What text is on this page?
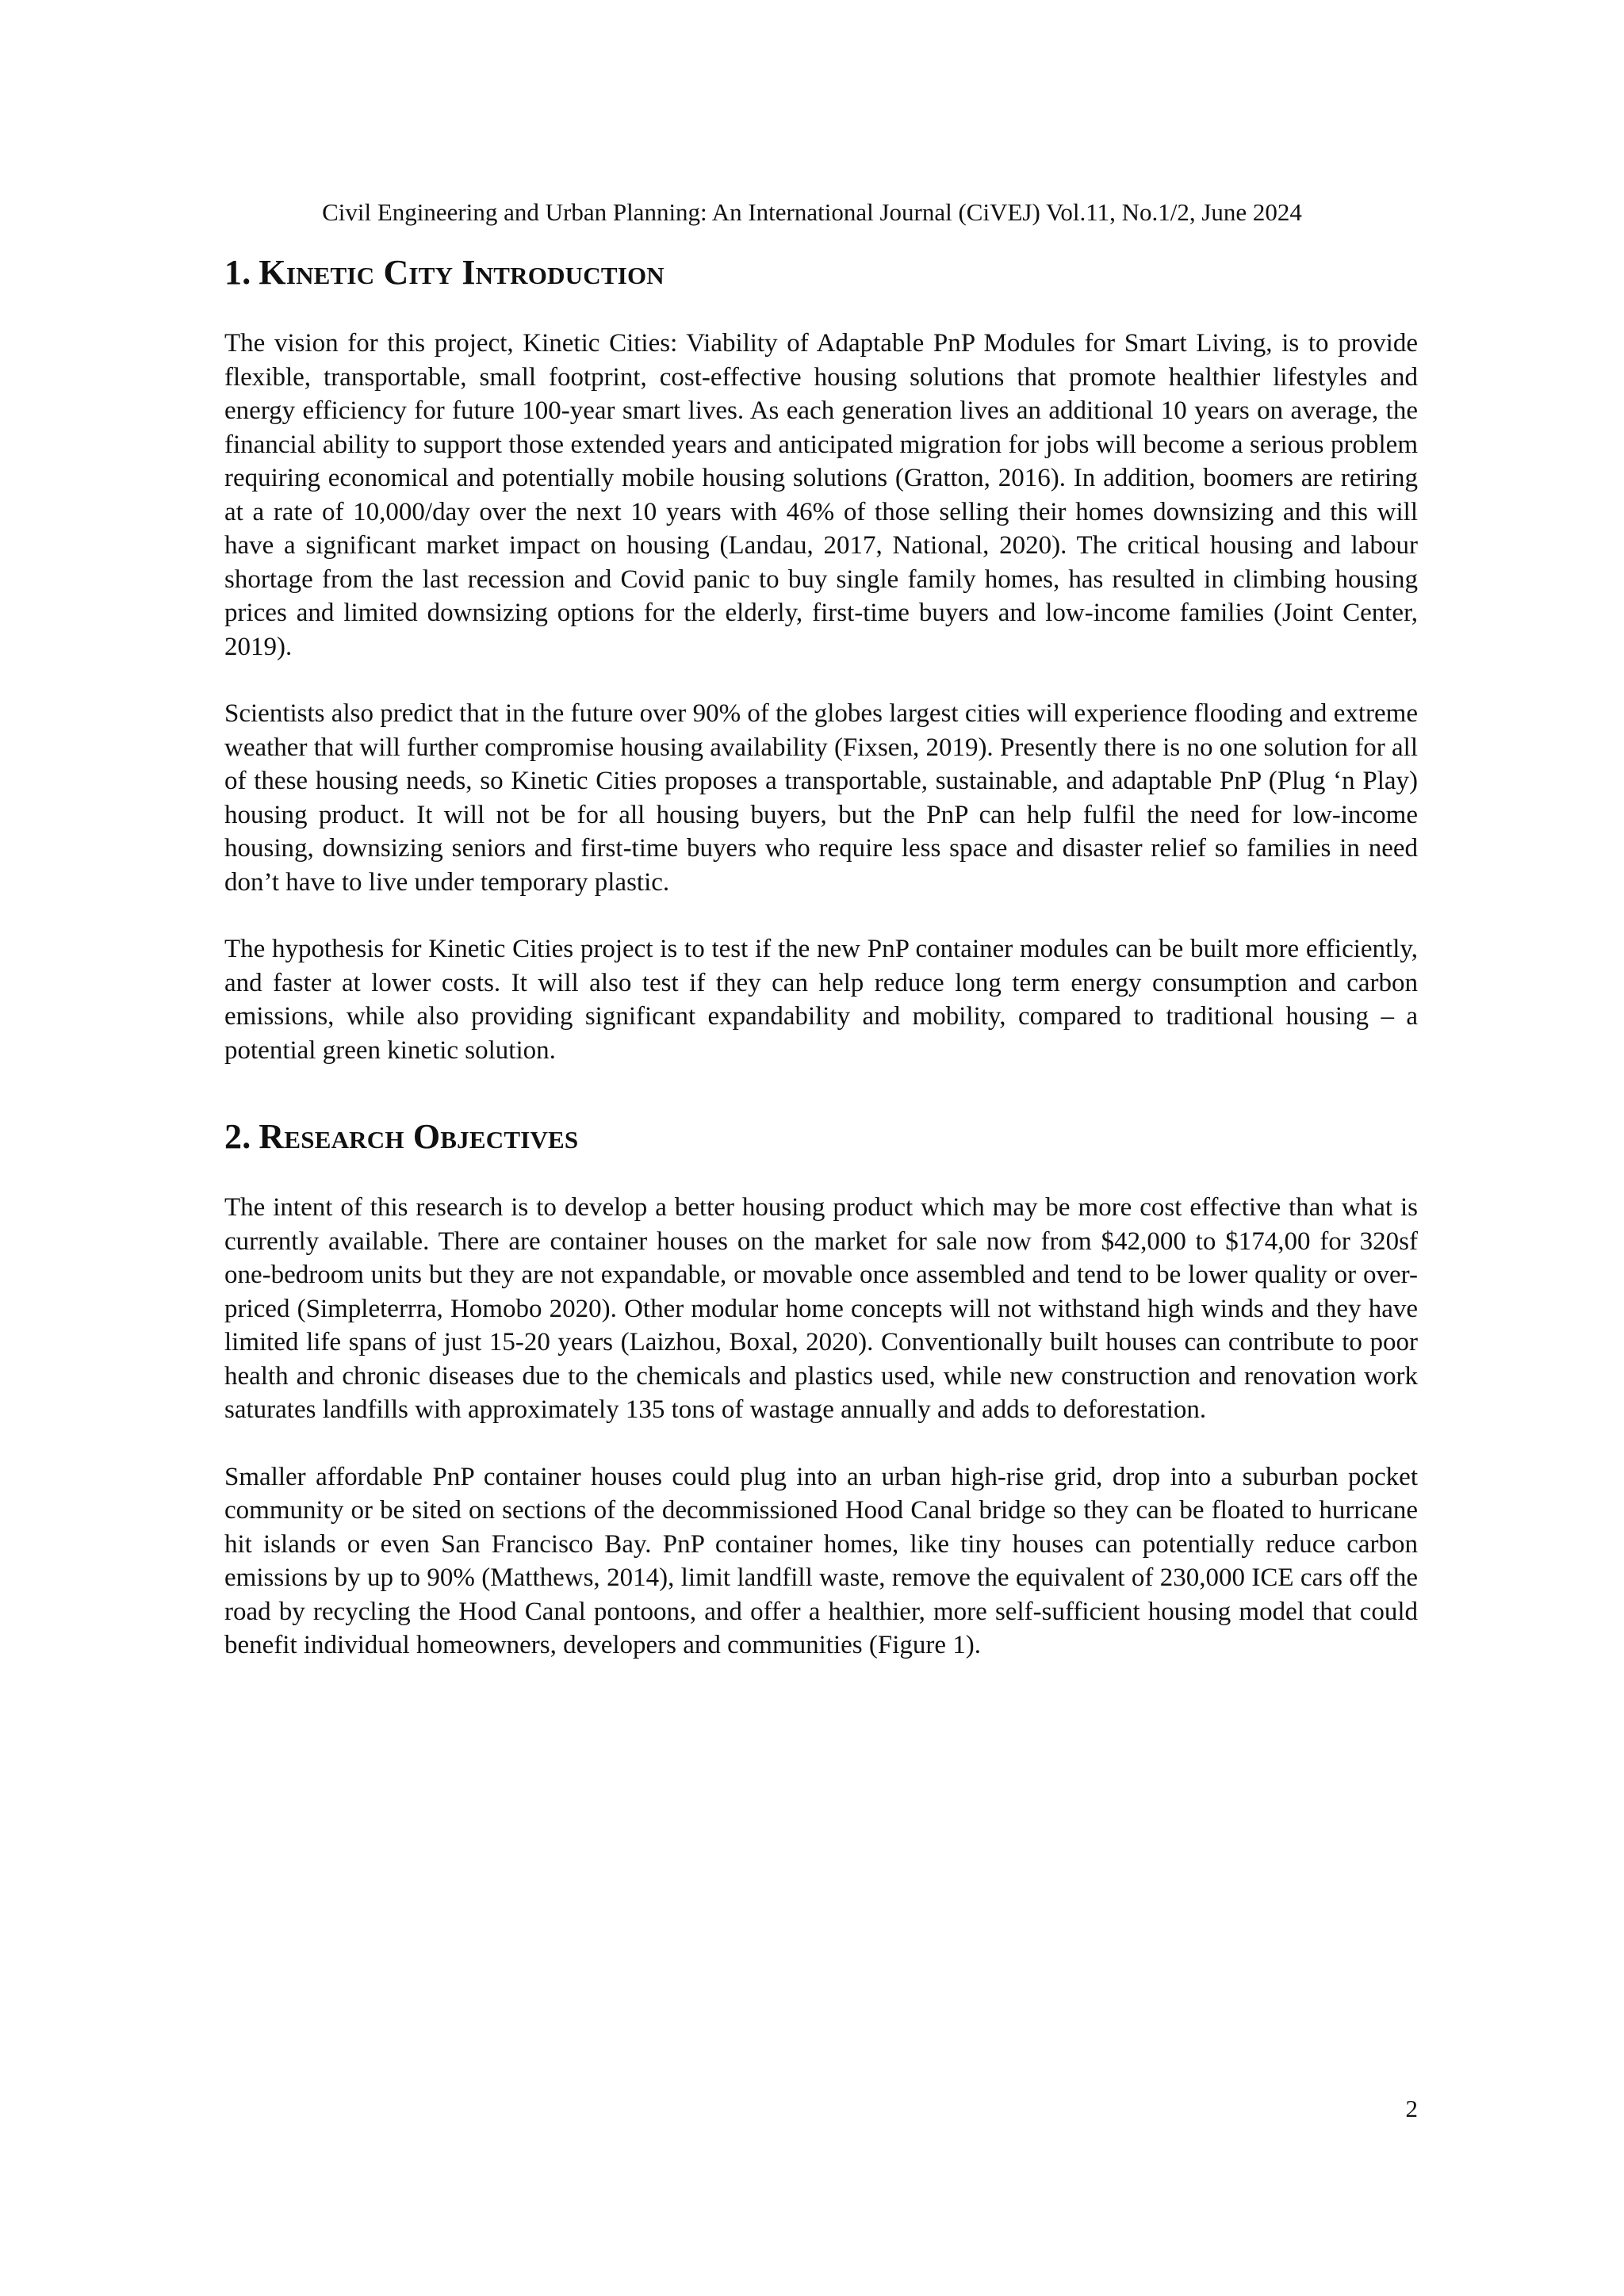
Civil Engineering and Urban Planning: An International Journal (CiVEJ) Vol.11, No.1/2, June 2024
1. Kinetic City Introduction

The vision for this project, Kinetic Cities: Viability of Adaptable PnP Modules for Smart Living, is to provide flexible, transportable, small footprint, cost-effective housing solutions that promote healthier lifestyles and energy efficiency for future 100-year smart lives. As each generation lives an additional 10 years on average, the financial ability to support those extended years and anticipated migration for jobs will become a serious problem requiring economical and potentially mobile housing solutions (Gratton, 2016). In addition, boomers are retiring at a rate of 10,000/day over the next 10 years with 46% of those selling their homes downsizing and this will have a significant market impact on housing (Landau, 2017, National, 2020). The critical housing and labour shortage from the last recession and Covid panic to buy single family homes, has resulted in climbing housing prices and limited downsizing options for the elderly, first-time buyers and low-income families (Joint Center, 2019).

Scientists also predict that in the future over 90% of the globes largest cities will experience flooding and extreme weather that will further compromise housing availability (Fixsen, 2019). Presently there is no one solution for all of these housing needs, so Kinetic Cities proposes a transportable, sustainable, and adaptable PnP (Plug ‘n Play) housing product. It will not be for all housing buyers, but the PnP can help fulfil the need for low-income housing, downsizing seniors and first-time buyers who require less space and disaster relief so families in need don’t have to live under temporary plastic.

The hypothesis for Kinetic Cities project is to test if the new PnP container modules can be built more efficiently, and faster at lower costs. It will also test if they can help reduce long term energy consumption and carbon emissions, while also providing significant expandability and mobility, compared to traditional housing – a potential green kinetic solution.

2. Research Objectives

The intent of this research is to develop a better housing product which may be more cost effective than what is currently available. There are container houses on the market for sale now from $42,000 to $174,00 for 320sf one-bedroom units but they are not expandable, or movable once assembled and tend to be lower quality or over-priced (Simpleterrra, Homobo 2020). Other modular home concepts will not withstand high winds and they have limited life spans of just 15-20 years (Laizhou, Boxal, 2020). Conventionally built houses can contribute to poor health and chronic diseases due to the chemicals and plastics used, while new construction and renovation work saturates landfills with approximately 135 tons of wastage annually and adds to deforestation.

Smaller affordable PnP container houses could plug into an urban high-rise grid, drop into a suburban pocket community or be sited on sections of the decommissioned Hood Canal bridge so they can be floated to hurricane hit islands or even San Francisco Bay. PnP container homes, like tiny houses can potentially reduce carbon emissions by up to 90% (Matthews, 2014), limit landfill waste, remove the equivalent of 230,000 ICE cars off the road by recycling the Hood Canal pontoons, and offer a healthier, more self-sufficient housing model that could benefit individual homeowners, developers and communities (Figure 1).

2
